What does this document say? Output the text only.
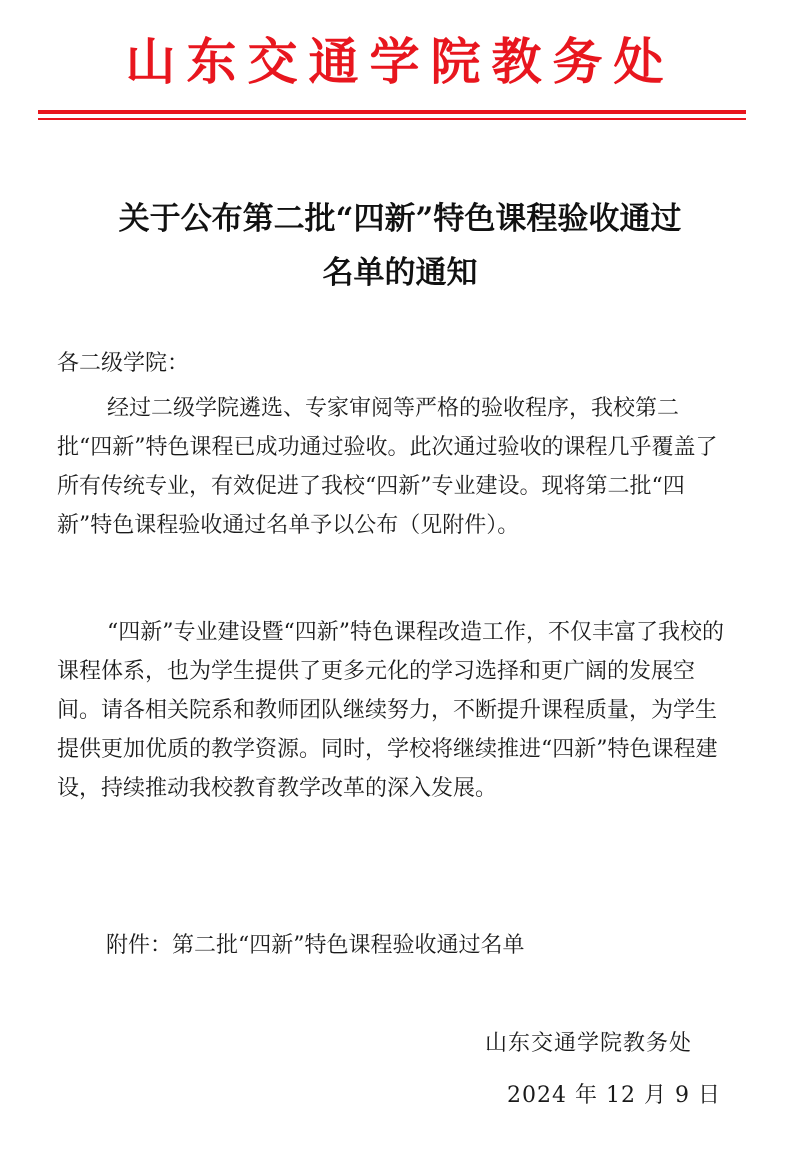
山东交通学院教务处
关于公布第二批“四新”特色课程验收通过
名单的通知
各二级学院：
经过二级学院遴选、专家审阅等严格的验收程序，我校第二批“四新”特色课程已成功通过验收。此次通过验收的课程几乎覆盖了所有传统专业，有效促进了我校“四新”专业建设。现将第二批“四新”特色课程验收通过名单予以公布（见附件）。
“四新”专业建设暨“四新”特色课程改造工作，不仅丰富了我校的课程体系，也为学生提供了更多元化的学习选择和更广阔的发展空间。请各相关院系和教师团队继续努力，不断提升课程质量，为学生提供更加优质的教学资源。同时，学校将继续推进“四新”特色课程建设，持续推动我校教育教学改革的深入发展。
附件：第二批“四新”特色课程验收通过名单
山东交通学院教务处
2024 年 12 月 9 日
